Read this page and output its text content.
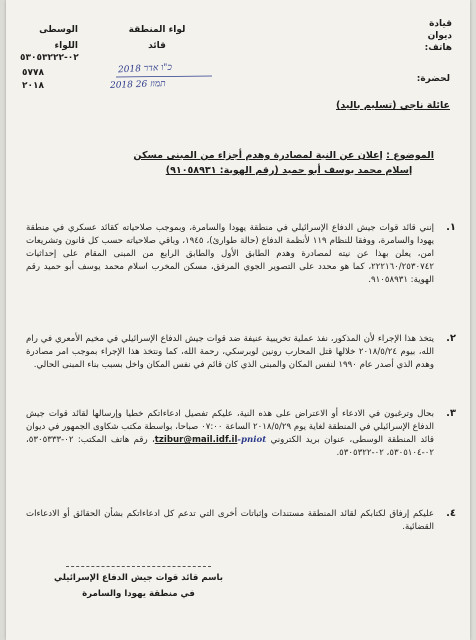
قيادة
ديوان
هاتف:
لواء المنطقة
قائد
الوسطى
اللواء
٠٢-٥٣٠٥٣٢٢٢
٥٧٧٨
٢٠١٨
כ"ו אדר 2018
2018 תמוז 26
لحضرة:
عائلة ناجي (تسليم باليد)
الموضوع : إعلان عن النية لمصادرة وهدم أجزاء من المبنى مسكن
إسلام محمد يوسف أبو حميد (رقم الهوية: ٩١٠٥٨٩٣١)
١.
إنني قائد قوات جيش الدفاع الإسرائيلي في منطقة يهودا والسامرة، وبموجب صلاحياته كقائد عسكري في منطقة يهودا والسامرة، ووفقا للنظام ١١٩ لأنظمة الدفاع (حالة طوارئ)، ١٩٤٥، وباقي صلاحياته حسب كل قانون وتشريعات امن، يعلن بهذا عن نيته لمصادرة وهدم الطابق الأول والطابق الرابع من المبنى المقام على إحداثيات ٢٢٢١٦٠/٢٥٣٠٧٤٢، كما هو محدد على التصوير الجوي المرفق، مسكن المخرب اسلام محمد يوسف أبو حميد رقم الهوية: ٩١٠٥٨٩٣١.
٢.
يتخذ هذا الإجراء لأن المذكور، نفذ عملية تخريبية عنيفة ضد قوات جيش الدفاع الإسرائيلي في مخيم الأمعري في رام الله، بيوم ٢٠١٨/٥/٢٤ خلالها قتل المحارب رونين لوبرسكي، رحمة الله، كما ونتخذ هذا الإجراء بموجب امر مصادرة وهدم الذي أصدر عام ١٩٩٠ لنفس المكان والمبنى الذي كان قائم في نفس المكان واخل بسبب بناء المبنى الحالي.
٣.
بحال وترغبون في الادعاء أو الاعتراض على هذه النية، عليكم تفصيل ادعاءاتكم خطيا وإرسالها لقائد قوات جيش الدفاع الإسرائيلي في المنطقة لغاية يوم ٢٠١٨/٥/٢٩ الساعة ٠٧:٠٠ صباحا، بواسطة مكتب شكاوى الجمهور في ديوان قائد المنطقة الوسطى، عنوان بريد الكتروني pniot-tzibur@mail.idf.il، رقم هاتف المكتب: ٠٢-٥٣٠٥٣٣٣، ٠٢-٥٣٠٥١٠٤، ٠٢-٥٣٠٥٣٢٢.
٤.
عليكم إرفاق لكتابكم لقائد المنطقة مستندات وإثباتات أخرى التي تدعم كل ادعاءاتكم بشأن الحقائق أو الادعاءات القضائية.
باسم قائد قوات جيش الدفاع الإسرائيلي
في منطقة يهودا والسامرة
